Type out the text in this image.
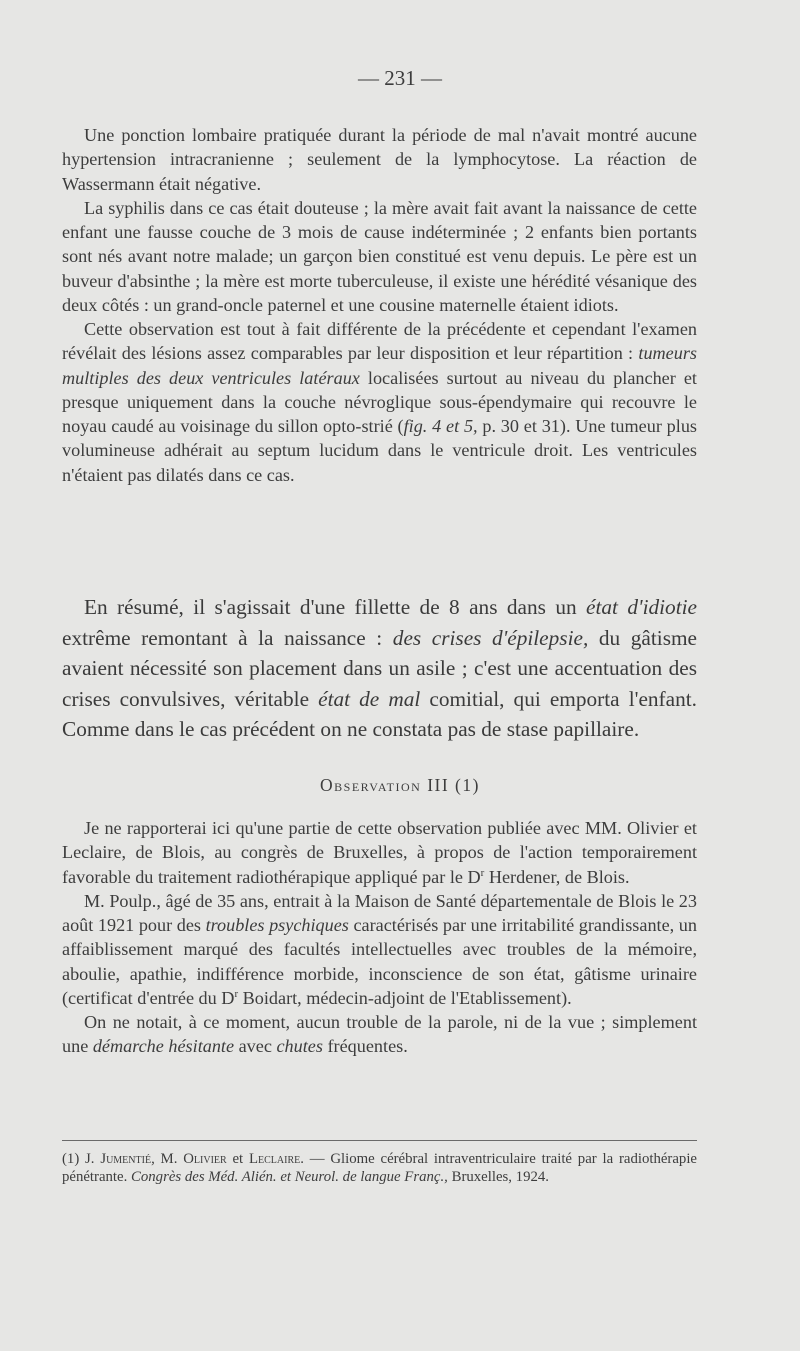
— 231 —

Une ponction lombaire pratiquée durant la période de mal n'avait montré aucune hypertension intracranienne ; seulement de la lymphocytose. La réaction de Wassermann était négative.

La syphilis dans ce cas était douteuse ; la mère avait fait avant la naissance de cette enfant une fausse couche de 3 mois de cause indéterminée ; 2 enfants bien portants sont nés avant notre malade; un garçon bien constitué est venu depuis. Le père est un buveur d'absinthe ; la mère est morte tuberculeuse, il existe une hérédité vésanique des deux côtés : un grand-oncle paternel et une cousine maternelle étaient idiots.

Cette observation est tout à fait différente de la précédente et cependant l'examen révélait des lésions assez comparables par leur disposition et leur répartition : tumeurs multiples des deux ventricules latéraux localisées surtout au niveau du plancher et presque uniquement dans la couche névroglique sous-épendymaire qui recouvre le noyau caudé au voisinage du sillon opto-strié (fig. 4 et 5, p. 30 et 31). Une tumeur plus volumineuse adhérait au septum lucidum dans le ventricule droit. Les ventricules n'étaient pas dilatés dans ce cas.

En résumé, il s'agissait d'une fillette de 8 ans dans un état d'idiotie extrême remontant à la naissance : des crises d'épilepsie, du gâtisme avaient nécessité son placement dans un asile ; c'est une accentuation des crises convulsives, véritable état de mal comitial, qui emporta l'enfant. Comme dans le cas précédent on ne constata pas de stase papillaire.

Observation III (1)

Je ne rapporterai ici qu'une partie de cette observation publiée avec MM. Olivier et Leclaire, de Blois, au congrès de Bruxelles, à propos de l'action temporairement favorable du traitement radiothérapique appliqué par le $D^r$ Herdener, de Blois.

M. Poulp., âgé de 35 ans, entrait à la Maison de Santé départementale de Blois le 23 août 1921 pour des troubles psychiques caractérisés par une irritabilité grandissante, un affaiblissement marqué des facultés intellectuelles avec troubles de la mémoire, aboulie, apathie, indifférence morbide, inconscience de son état, gâtisme urinaire (certificat d'entrée du $D^r$ Boidart, médecin-adjoint de l'Etablissement).

On ne notait, à ce moment, aucun trouble de la parole, ni de la vue ; simplement une démarche hésitante avec chutes fréquentes.

(1) J. Jumentié, M. Olivier et Leclaire. — Gliome cérébral intraventriculaire traité par la radiothérapie pénétrante. Congrès des Méd. Alién. et Neurol. de langue Franç., Bruxelles, 1924.
